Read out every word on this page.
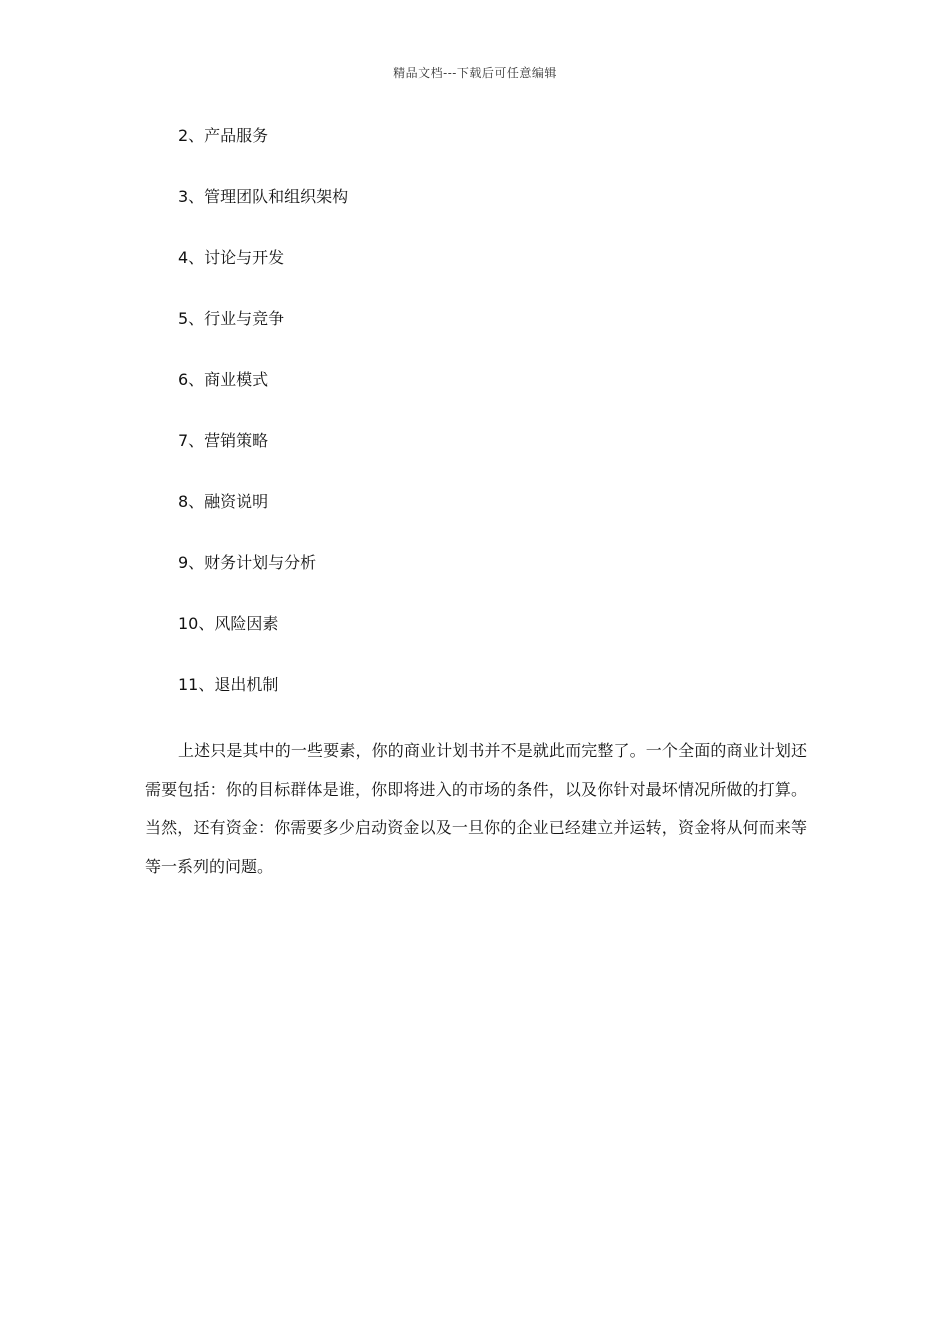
精品文档---下载后可任意编辑
2、产品服务
3、管理团队和组织架构
4、讨论与开发
5、行业与竞争
6、商业模式
7、营销策略
8、融资说明
9、财务计划与分析
10、风险因素
11、退出机制

上述只是其中的一些要素，你的商业计划书并不是就此而完整了。一个全面的商业计划还需要包括：你的目标群体是谁，你即将进入的市场的条件，以及你针对最坏情况所做的打算。当然，还有资金：你需要多少启动资金以及一旦你的企业已经建立并运转，资金将从何而来等等一系列的问题。
